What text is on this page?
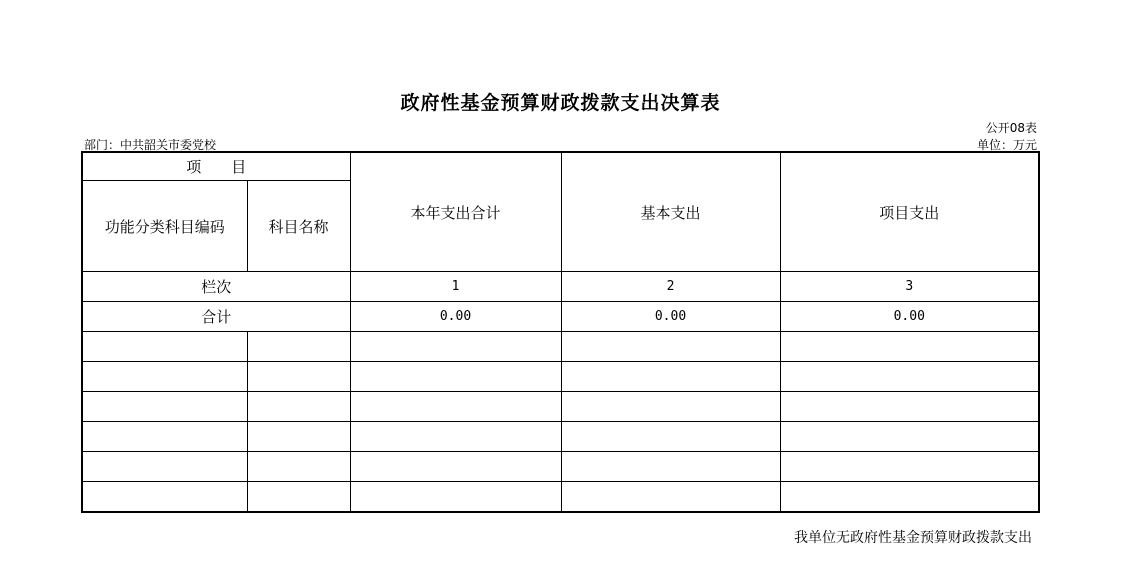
政府性基金预算财政拨款支出决算表
公开08表
部门：中共韶关市委党校	单位：万元
项　　目		本年支出合计	基本支出	项目支出
功能分类科目编码	科目名称			
栏次		1	2	3
合计		0.00	0.00	0.00

我单位无政府性基金预算财政拨款支出
